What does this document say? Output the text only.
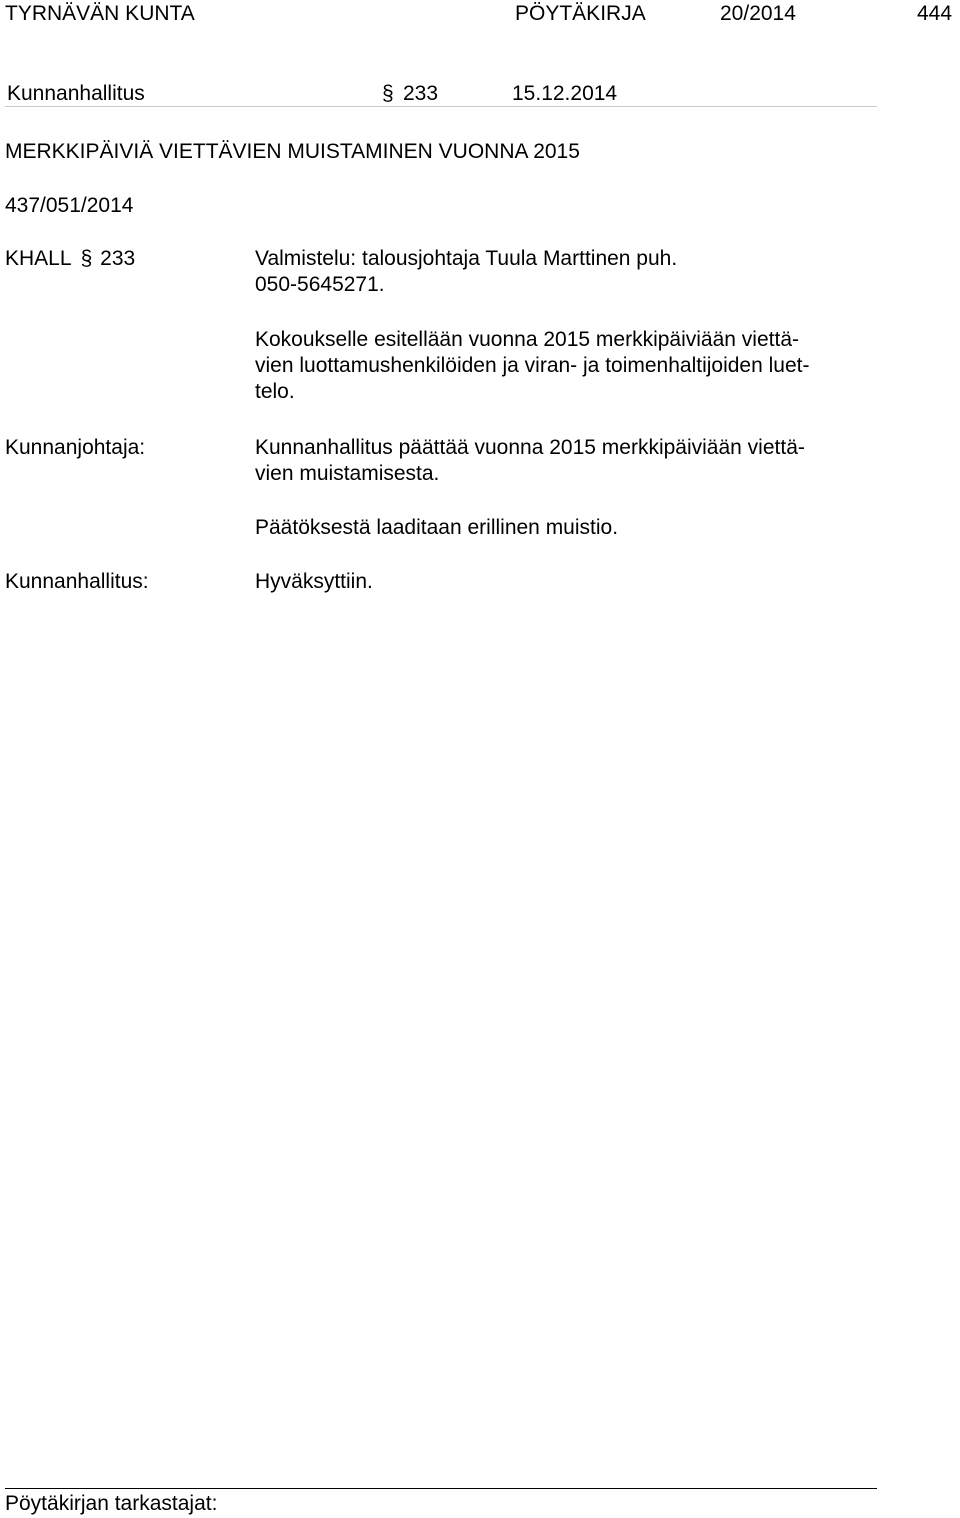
TYRNÄVÄN KUNTA	PÖYTÄKIRJA	20/2014	444
Kunnanhallitus	§ 233	15.12.2014
MERKKIPÄIVIÄ VIETTÄVIEN MUISTAMINEN VUONNA 2015
437/051/2014
KHALL § 233	Valmistelu: talousjohtaja Tuula Marttinen puh.
050-5645271.
Kokoukselle esitellään vuonna 2015 merkkipäiviään viettä-
vien luottamushenkilöiden ja viran- ja toimenhaltijoiden luet-
telo.
Kunnanjohtaja:	Kunnanhallitus päättää vuonna 2015 merkkipäiviään viettä-
vien muistamisesta.
Päätöksestä laaditaan erillinen muistio.
Kunnanhallitus:	Hyväksyttiin.
Pöytäkirjan tarkastajat:
